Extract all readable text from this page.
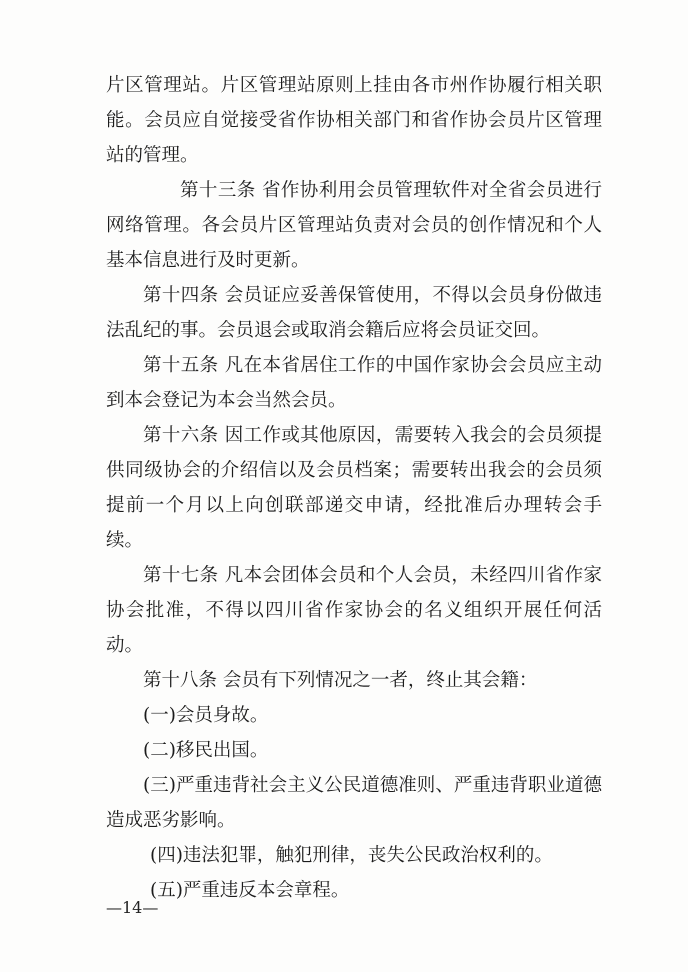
片区管理站。片区管理站原则上挂由各市州作协履行相关职能。会员应自觉接受省作协相关部门和省作协会员片区管理站的管理。

第十三条 省作协利用会员管理软件对全省会员进行网络管理。各会员片区管理站负责对会员的创作情况和个人基本信息进行及时更新。

第十四条 会员证应妥善保管使用，不得以会员身份做违法乱纪的事。会员退会或取消会籍后应将会员证交回。

第十五条 凡在本省居住工作的中国作家协会会员应主动到本会登记为本会当然会员。

第十六条 因工作或其他原因，需要转入我会的会员须提供同级协会的介绍信以及会员档案；需要转出我会的会员须提前一个月以上向创联部递交申请，经批准后办理转会手续。

第十七条 凡本会团体会员和个人会员，未经四川省作家协会批准，不得以四川省作家协会的名义组织开展任何活动。

第十八条 会员有下列情况之一者，终止其会籍：

(一)会员身故。

(二)移民出国。

(三)严重违背社会主义公民道德准则、严重违背职业道德造成恶劣影响。

(四)违法犯罪，触犯刑律，丧失公民政治权利的。

(五)严重违反本会章程。

—14—
